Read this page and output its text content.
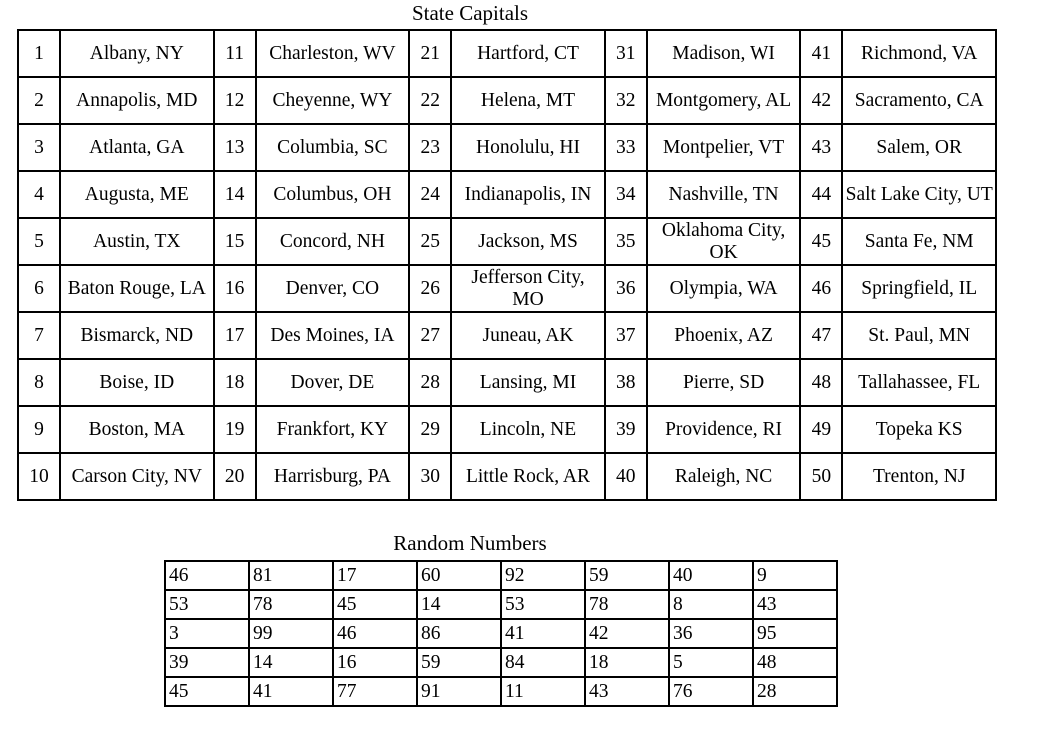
State Capitals
1	Albany, NY	11	Charleston, WV	21	Hartford, CT	31	Madison, WI	41	Richmond, VA
2	Annapolis, MD	12	Cheyenne, WY	22	Helena, MT	32	Montgomery, AL	42	Sacramento, CA
3	Atlanta, GA	13	Columbia, SC	23	Honolulu, HI	33	Montpelier, VT	43	Salem, OR
4	Augusta, ME	14	Columbus, OH	24	Indianapolis, IN	34	Nashville, TN	44	Salt Lake City, UT
5	Austin, TX	15	Concord, NH	25	Jackson, MS	35	Oklahoma City, OK	45	Santa Fe, NM
6	Baton Rouge, LA	16	Denver, CO	26	Jefferson City, MO	36	Olympia, WA	46	Springfield, IL
7	Bismarck, ND	17	Des Moines, IA	27	Juneau, AK	37	Phoenix, AZ	47	St. Paul, MN
8	Boise, ID	18	Dover, DE	28	Lansing, MI	38	Pierre, SD	48	Tallahassee, FL
9	Boston, MA	19	Frankfort, KY	29	Lincoln, NE	39	Providence, RI	49	Topeka KS
10	Carson City, NV	20	Harrisburg, PA	30	Little Rock, AR	40	Raleigh, NC	50	Trenton, NJ
Random Numbers
46	81	17	60	92	59	40	9
53	78	45	14	53	78	8	43
3	99	46	86	41	42	36	95
39	14	16	59	84	18	5	48
45	41	77	91	11	43	76	28
